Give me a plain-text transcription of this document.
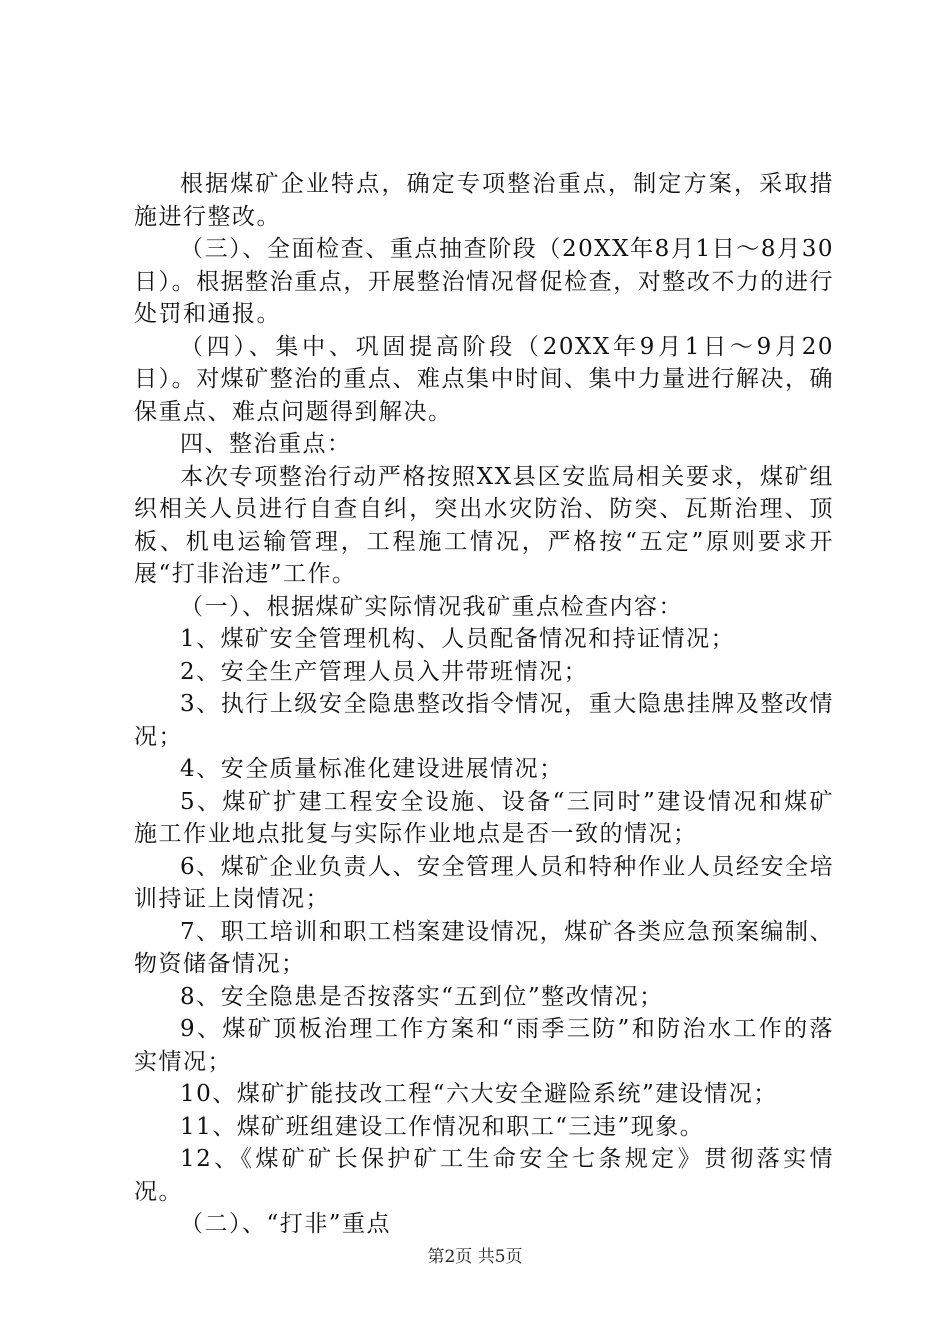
根据煤矿企业特点，确定专项整治重点，制定方案，采取措施进行整改。

（三）、全面检查、重点抽查阶段（20XX年8月1日～8月30日）。根据整治重点，开展整治情况督促检查，对整改不力的进行处罚和通报。

（四）、集中、巩固提高阶段（20XX年9月1日～9月20日）。对煤矿整治的重点、难点集中时间、集中力量进行解决，确保重点、难点问题得到解决。

四、整治重点：

本次专项整治行动严格按照XX县区安监局相关要求，煤矿组织相关人员进行自查自纠，突出水灾防治、防突、瓦斯治理、顶板、机电运输管理，工程施工情况，严格按“五定”原则要求开展“打非治违”工作。

（一）、根据煤矿实际情况我矿重点检查内容：

1、煤矿安全管理机构、人员配备情况和持证情况；

2、安全生产管理人员入井带班情况；

3、执行上级安全隐患整改指令情况，重大隐患挂牌及整改情况；

4、安全质量标准化建设进展情况；

5、煤矿扩建工程安全设施、设备“三同时”建设情况和煤矿施工作业地点批复与实际作业地点是否一致的情况；

6、煤矿企业负责人、安全管理人员和特种作业人员经安全培训持证上岗情况；

7、职工培训和职工档案建设情况，煤矿各类应急预案编制、物资储备情况；

8、安全隐患是否按落实“五到位”整改情况；

9、煤矿顶板治理工作方案和“雨季三防”和防治水工作的落实情况；

10、煤矿扩能技改工程“六大安全避险系统”建设情况；

11、煤矿班组建设工作情况和职工“三违”现象。

12、《煤矿矿长保护矿工生命安全七条规定》贯彻落实情况。

（二）、“打非”重点

第2页 共5页
